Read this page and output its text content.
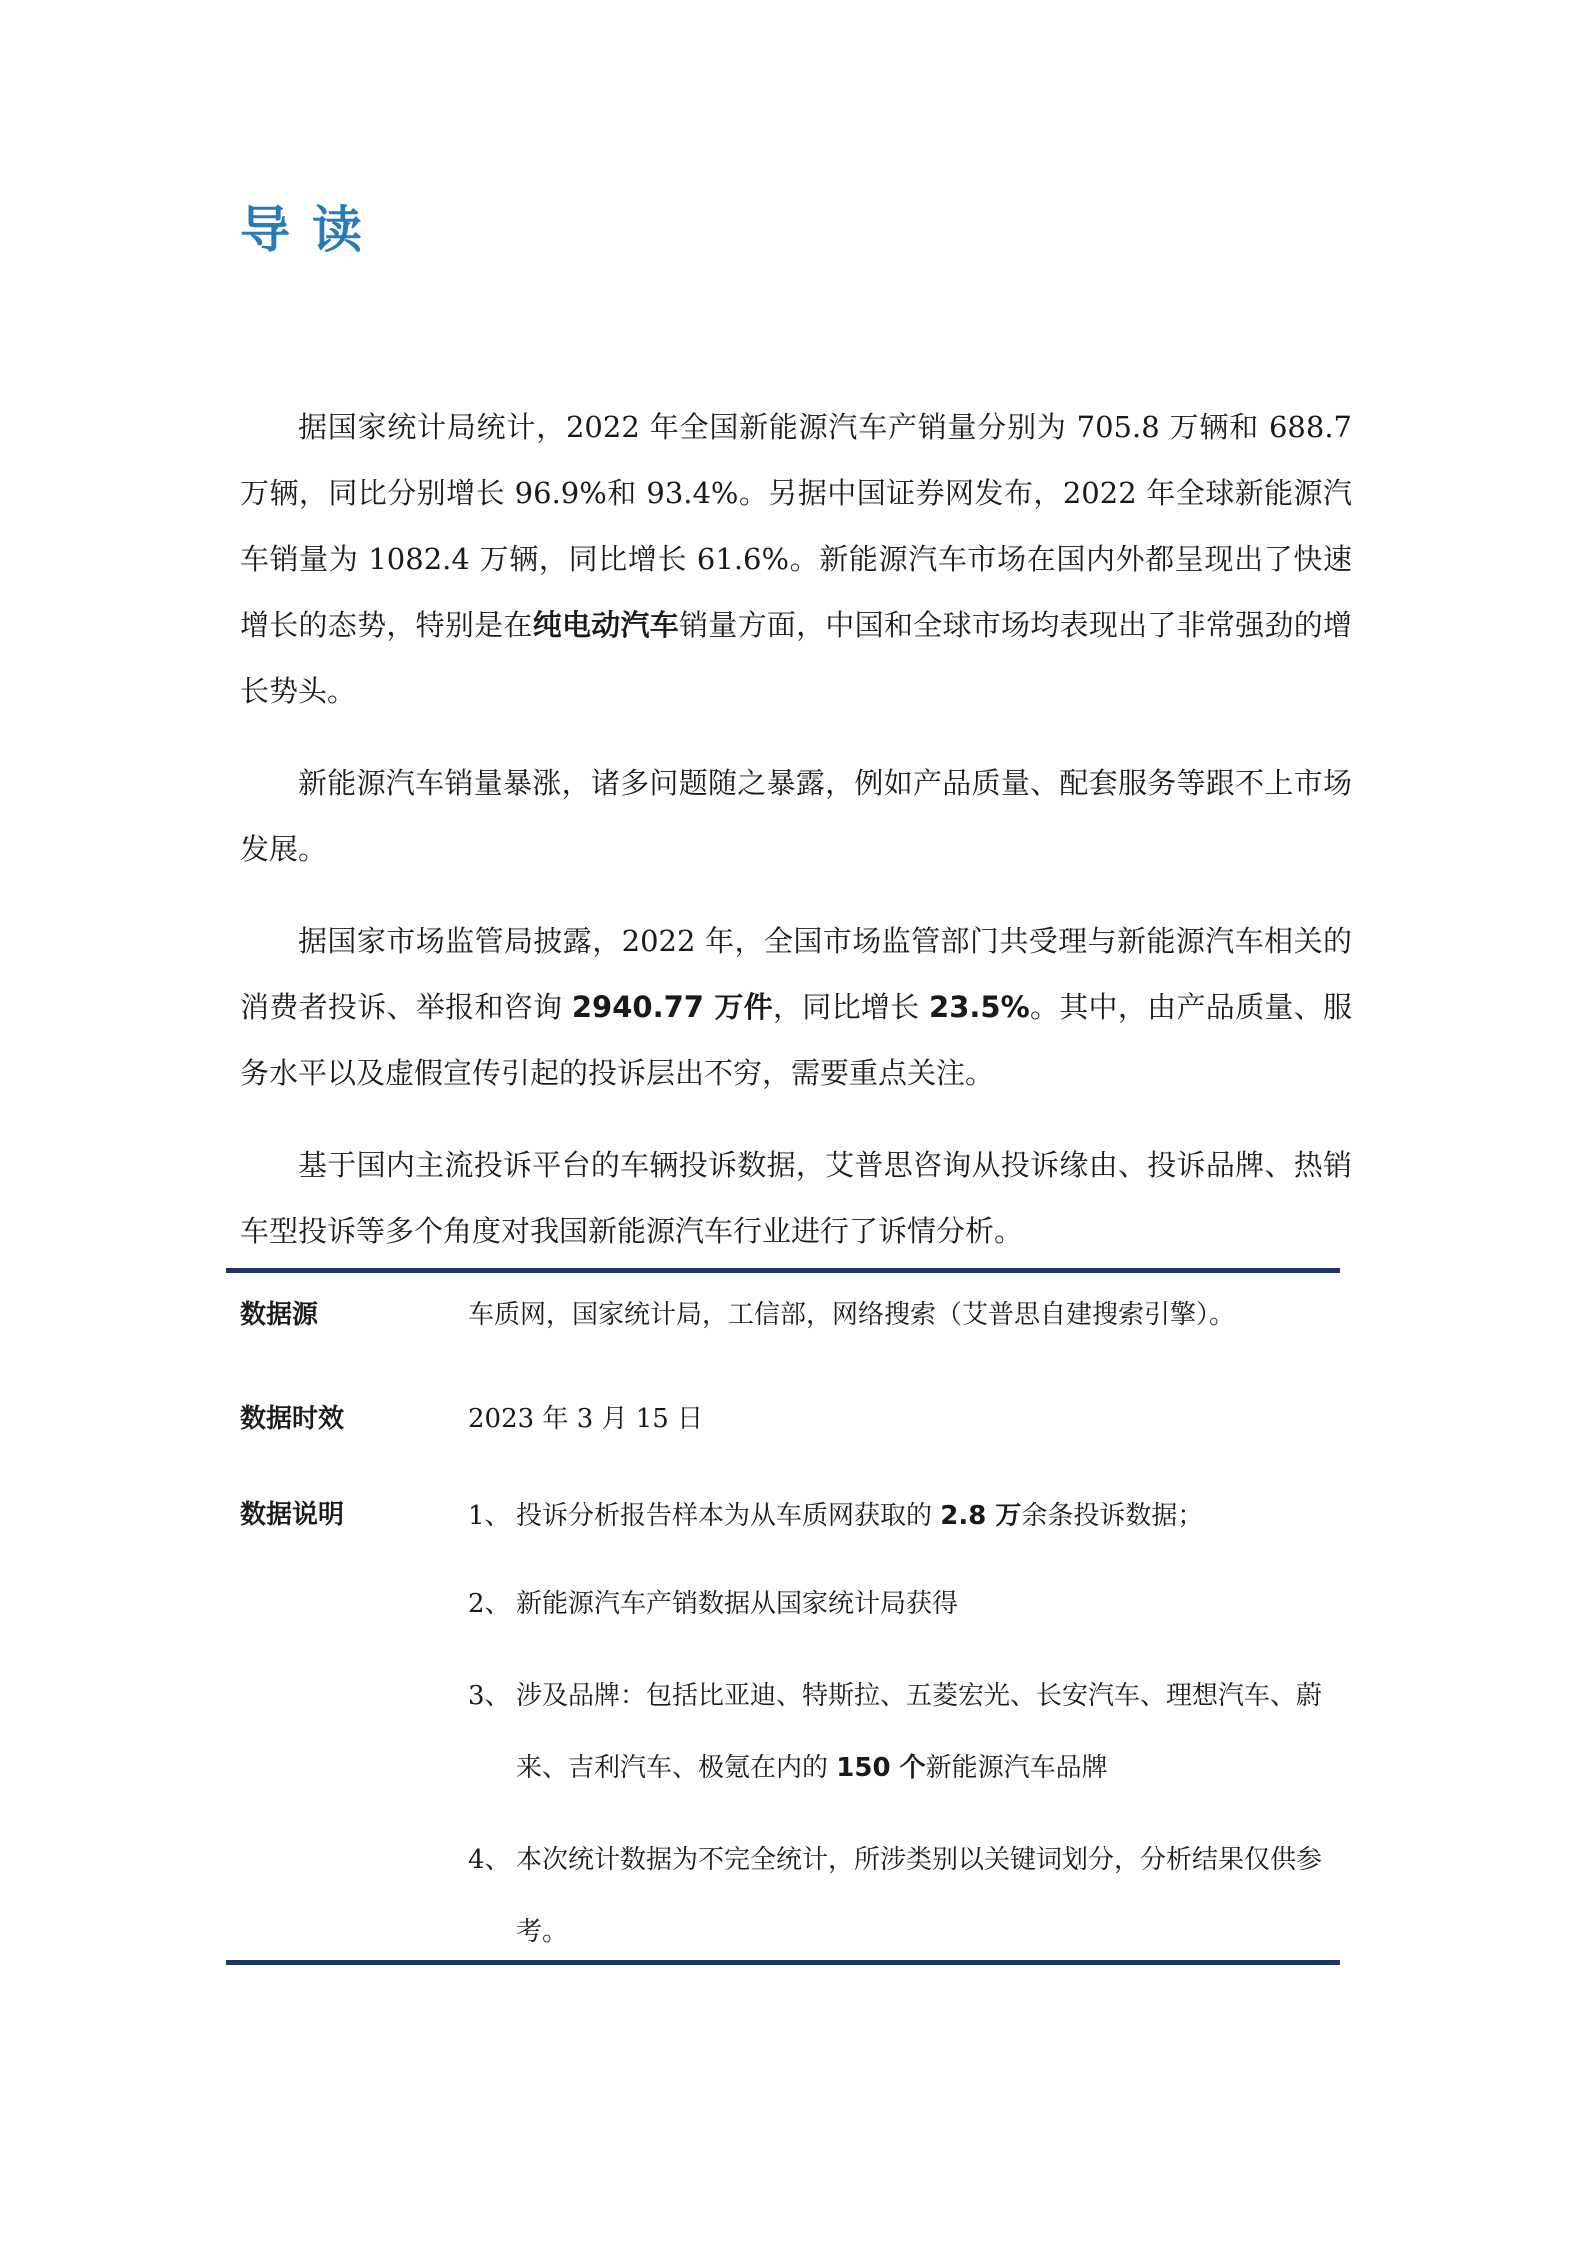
导读

据国家统计局统计，2022 年全国新能源汽车产销量分别为 705.8 万辆和 688.7 万辆，同比分别增长 96.9%和 93.4%。另据中国证券网发布，2022 年全球新能源汽车销量为 1082.4 万辆，同比增长 61.6%。新能源汽车市场在国内外都呈现出了快速增长的态势，特别是在纯电动汽车销量方面，中国和全球市场均表现出了非常强劲的增长势头。

新能源汽车销量暴涨，诸多问题随之暴露，例如产品质量、配套服务等跟不上市场发展。

据国家市场监管局披露，2022 年，全国市场监管部门共受理与新能源汽车相关的消费者投诉、举报和咨询 2940.77 万件，同比增长 23.5%。其中，由产品质量、服务水平以及虚假宣传引起的投诉层出不穷，需要重点关注。

基于国内主流投诉平台的车辆投诉数据，艾普思咨询从投诉缘由、投诉品牌、热销车型投诉等多个角度对我国新能源汽车行业进行了诉情分析。

数据源	车质网，国家统计局，工信部，网络搜索（艾普思自建搜索引擎）。
数据时效	2023 年 3 月 15 日
数据说明	1、 投诉分析报告样本为从车质网获取的 2.8 万余条投诉数据；
2、 新能源汽车产销数据从国家统计局获得
3、 涉及品牌：包括比亚迪、特斯拉、五菱宏光、长安汽车、理想汽车、蔚来、吉利汽车、极氪在内的 150 个新能源汽车品牌
4、 本次统计数据为不完全统计，所涉类别以关键词划分，分析结果仅供参考。
